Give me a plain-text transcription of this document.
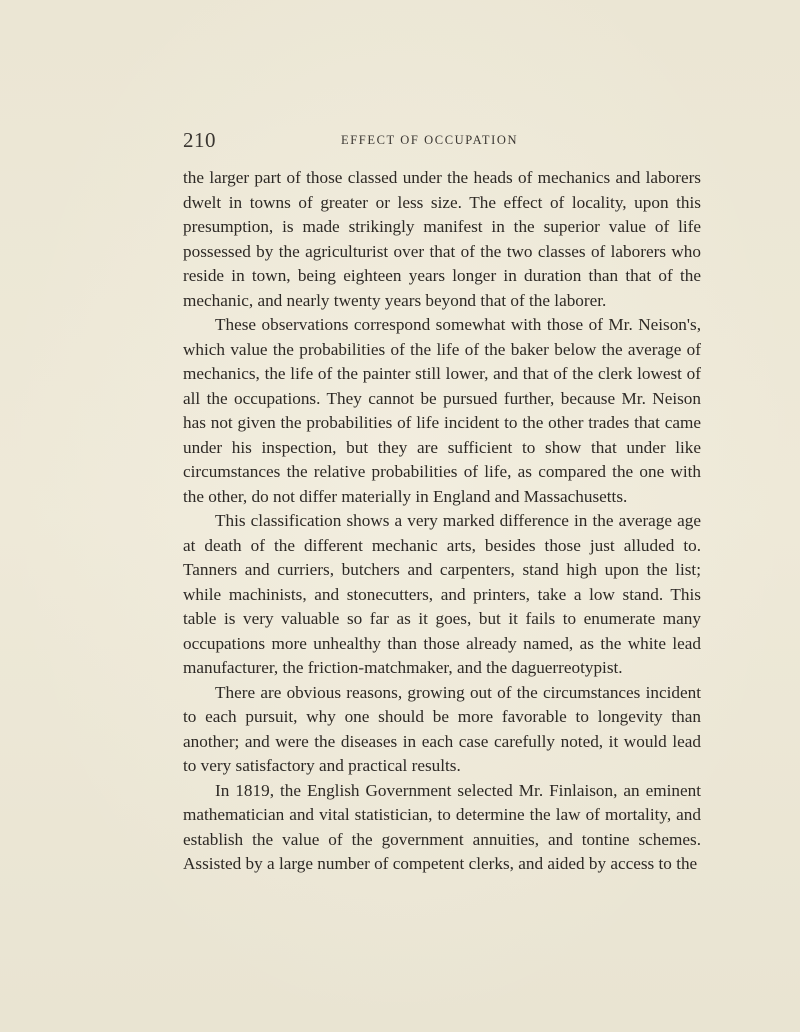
210	EFFECT OF OCCUPATION

the larger part of those classed under the heads of mechanics and laborers dwelt in towns of greater or less size. The effect of locality, upon this presumption, is made strikingly manifest in the superior value of life possessed by the agriculturist over that of the two classes of laborers who reside in town, being eighteen years longer in duration than that of the mechanic, and nearly twenty years beyond that of the laborer.

These observations correspond somewhat with those of Mr. Neison's, which value the probabilities of the life of the baker below the average of mechanics, the life of the painter still lower, and that of the clerk lowest of all the occupations. They cannot be pursued further, because Mr. Neison has not given the probabilities of life incident to the other trades that came under his inspection, but they are sufficient to show that under like circumstances the relative probabilities of life, as compared the one with the other, do not differ materially in England and Massachusetts.

This classification shows a very marked difference in the average age at death of the different mechanic arts, besides those just alluded to. Tanners and curriers, butchers and carpenters, stand high upon the list; while machinists, and stonecutters, and printers, take a low stand. This table is very valuable so far as it goes, but it fails to enumerate many occupations more unhealthy than those already named, as the white lead manufacturer, the friction-matchmaker, and the daguerreotypist.

There are obvious reasons, growing out of the circumstances incident to each pursuit, why one should be more favorable to longevity than another; and were the diseases in each case carefully noted, it would lead to very satisfactory and practical results.

In 1819, the English Government selected Mr. Finlaison, an eminent mathematician and vital statistician, to determine the law of mortality, and establish the value of the government annuities, and tontine schemes. Assisted by a large number of competent clerks, and aided by access to the
